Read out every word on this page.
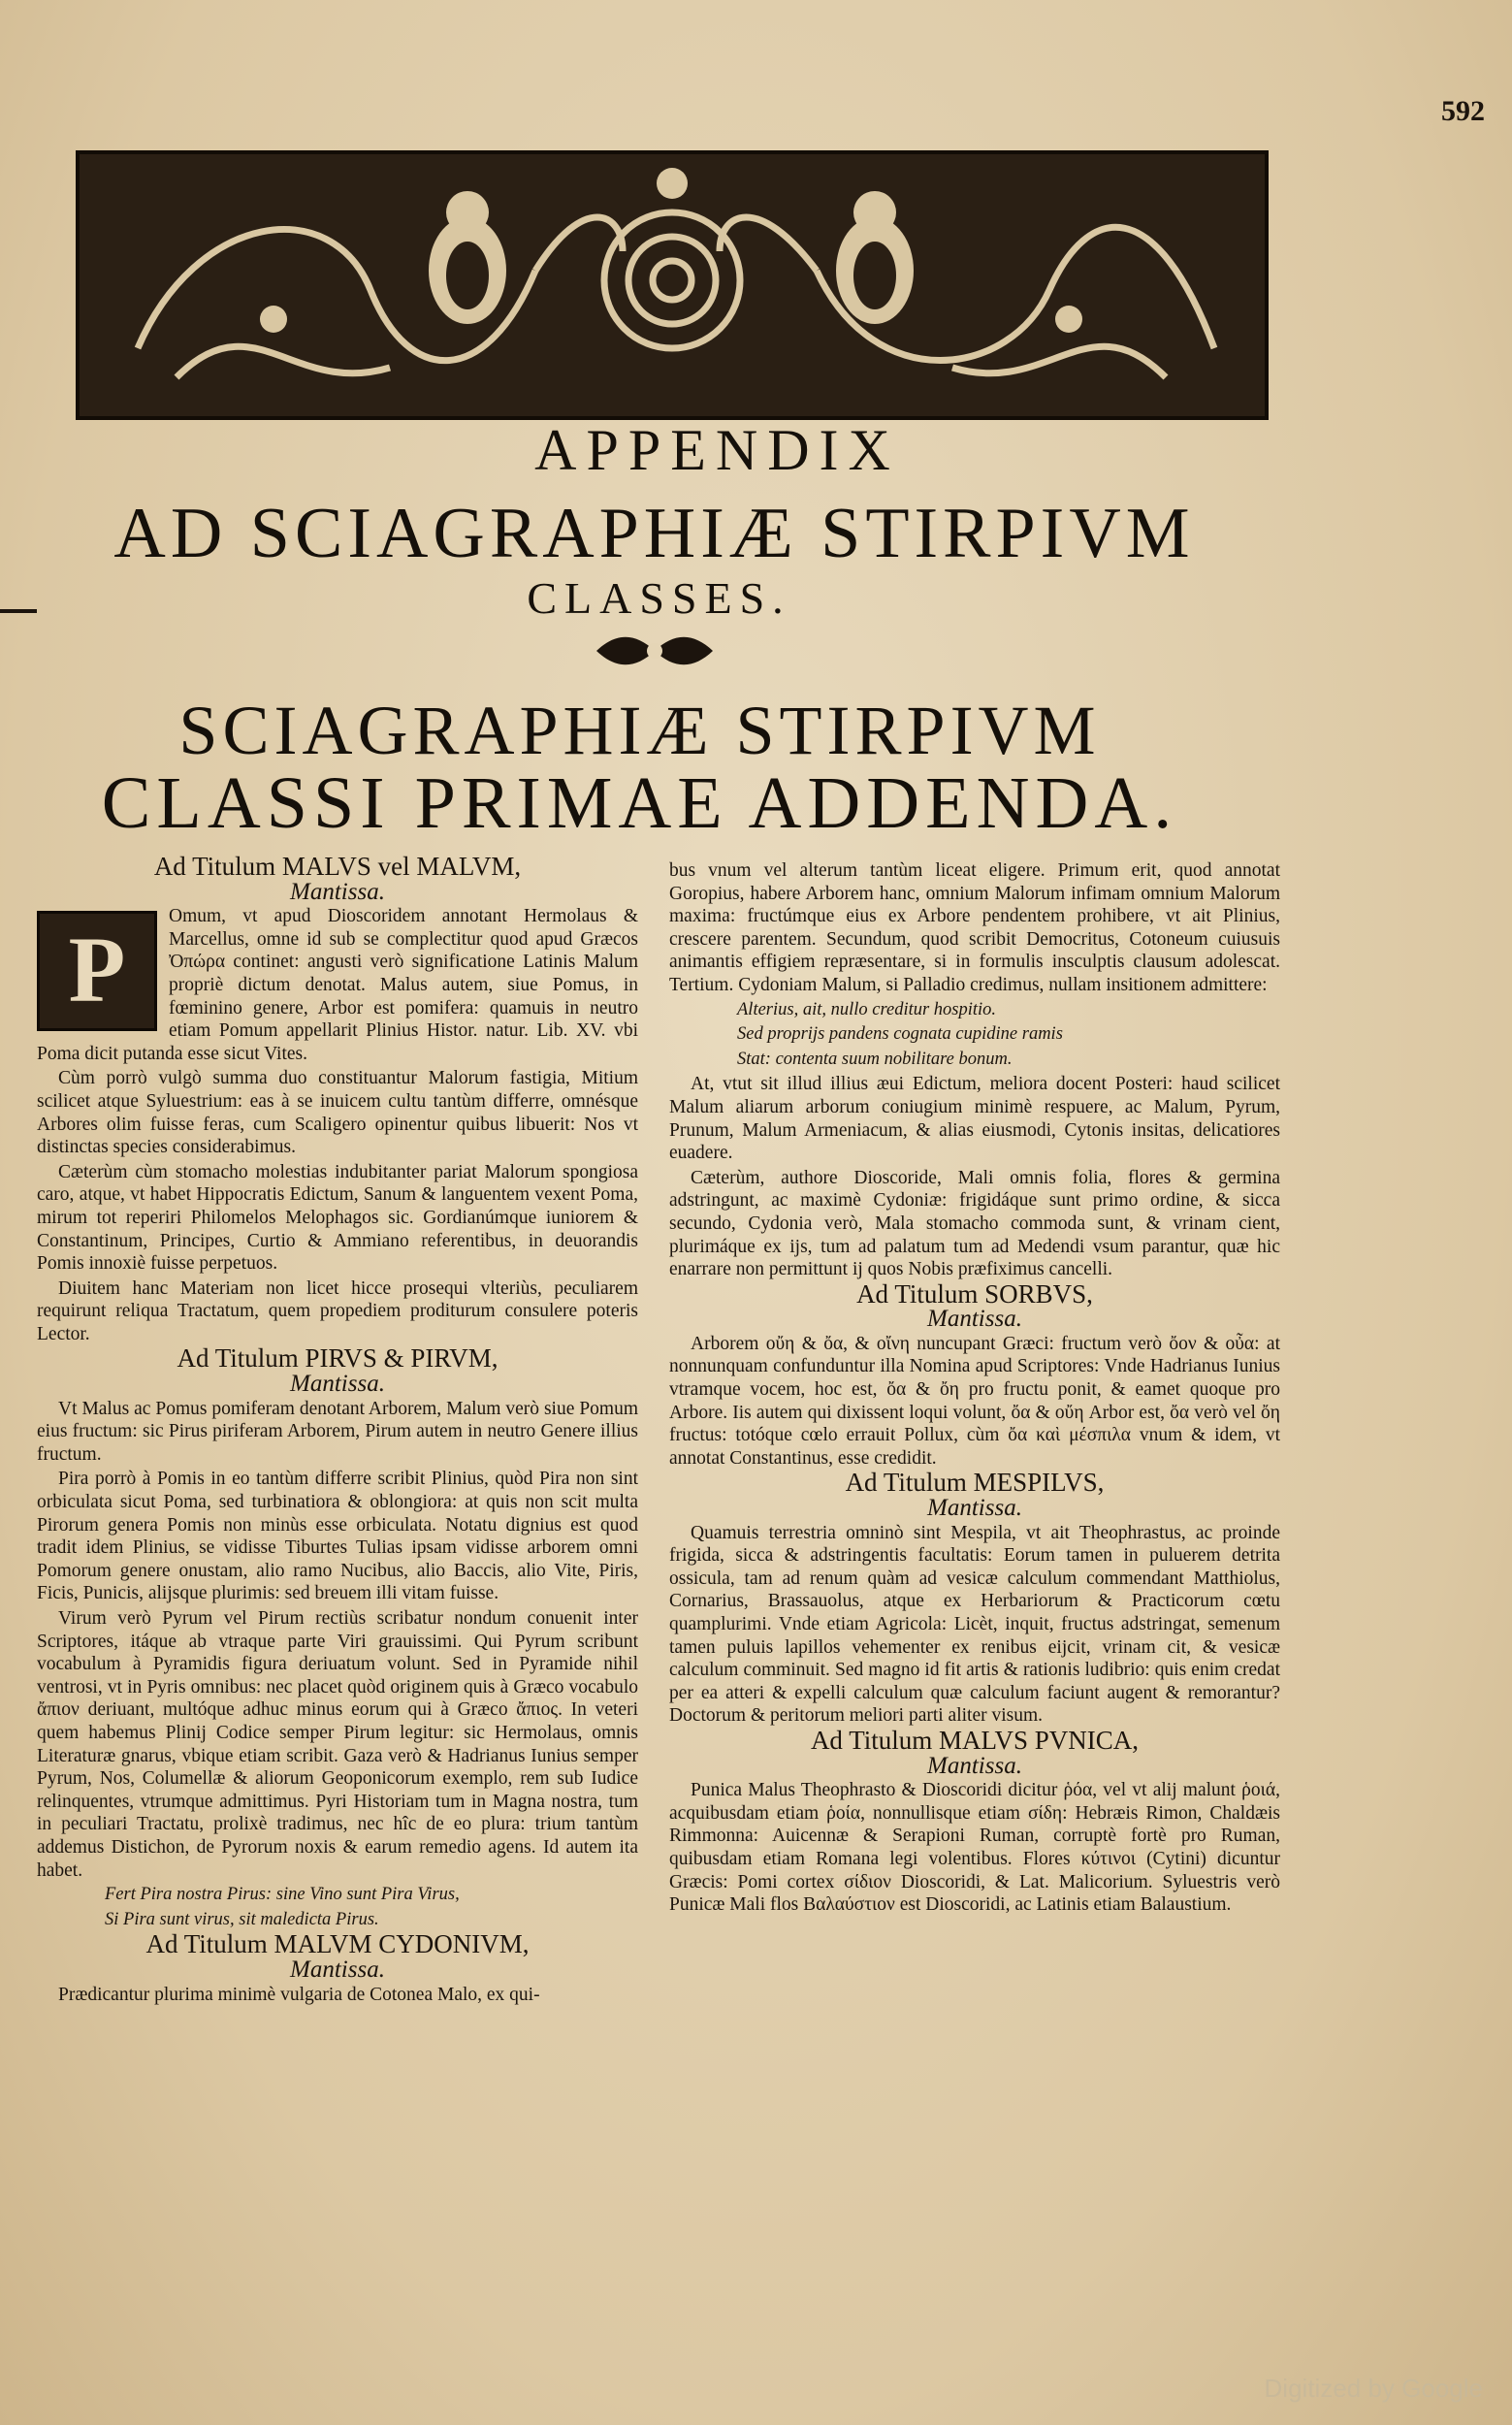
592
APPENDIX
AD SCIAGRAPHIÆ STIRPIVM
CLASSES.
SCIAGRAPHIÆ STIRPIVM
CLASSI PRIMAE ADDENDA.

Ad Titulum MALVS vel MALVM,

Mantissa.

P
Omum, vt apud Dioscoridem annotant Hermolaus & Marcellus, omne id sub se complectitur quod apud Græcos Ὀπώρα continet: angusti verò significatione Latinis Malum propriè dictum denotat. Malus autem, siue Pomus, in fœminino genere, Arbor est pomifera: quamuis in neutro etiam Pomum appellarit Plinius Histor. natur. Lib. XV. vbi Poma dicit putanda esse sicut Vites.

Cùm porrò vulgò summa duo constituantur Malorum fastigia, Mitium scilicet atque Syluestrium: eas à se inuicem cultu tantùm differre, omnésque Arbores olim fuisse feras, cum Scaligero opinentur quibus libuerit: Nos vt distinctas species considerabimus.

Cæterùm cùm stomacho molestias indubitanter pariat Malorum spongiosa caro, atque, vt habet Hippocratis Edictum, Sanum & languentem vexent Poma, mirum tot reperiri Philomelos Melophagos sic. Gordianúmque iuniorem & Constantinum, Principes, Curtio & Ammiano referentibus, in deuorandis Pomis innoxiè fuisse perpetuos.

Diuitem hanc Materiam non licet hicce prosequi vlteriùs, peculiarem requirunt reliqua Tractatum, quem propediem proditurum consulere poteris Lector.

Ad Titulum PIRVS & PIRVM,

Mantissa.

Vt Malus ac Pomus pomiferam denotant Arborem, Malum verò siue Pomum eius fructum: sic Pirus piriferam Arborem, Pirum autem in neutro Genere illius fructum.

Pira porrò à Pomis in eo tantùm differre scribit Plinius, quòd Pira non sint orbiculata sicut Poma, sed turbinatiora & oblongiora: at quis non scit multa Pirorum genera Pomis non minùs esse orbiculata. Notatu dignius est quod tradit idem Plinius, se vidisse Tiburtes Tulias ipsam vidisse arborem omni Pomorum genere onustam, alio ramo Nucibus, alio Baccis, alio Vite, Piris, Ficis, Punicis, alijsque plurimis: sed breuem illi vitam fuisse.

Virum verò Pyrum vel Pirum rectiùs scribatur nondum conuenit inter Scriptores, itáque ab vtraque parte Viri grauissimi. Qui Pyrum scribunt vocabulum à Pyramidis figura deriuatum volunt. Sed in Pyramide nihil ventrosi, vt in Pyris omnibus: nec placet quòd originem quis à Græco vocabulo ἄπιον deriuant, multóque adhuc minus eorum qui à Græco ἄπιος. In veteri quem habemus Plinij Codice semper Pirum legitur: sic Hermolaus, omnis Literaturæ gnarus, vbique etiam scribit. Gaza verò & Hadrianus Iunius semper Pyrum, Nos, Columellæ & aliorum Geoponicorum exemplo, rem sub Iudice relinquentes, vtrumque admittimus. Pyri Historiam tum in Magna nostra, tum in peculiari Tractatu, prolixè tradimus, nec hîc de eo plura: trium tantùm addemus Distichon, de Pyrorum noxis & earum remedio agens. Id autem ita habet.

Fert Pira nostra Pirus: sine Vino sunt Pira Virus,

Si Pira sunt virus, sit maledicta Pirus.

Ad Titulum MALVM CYDONIVM,

Mantissa.

Prædicantur plurima minimè vulgaria de Cotonea Malo, ex qui-

bus vnum vel alterum tantùm liceat eligere. Primum erit, quod annotat Goropius, habere Arborem hanc, omnium Malorum infimam omnium Malorum maxima: fructúmque eius ex Arbore pendentem prohibere, vt ait Plinius, crescere parentem. Secundum, quod scribit Democritus, Cotoneum cuiusuis animantis effigiem repræsentare, si in formulis insculptis clausum adolescat. Tertium. Cydoniam Malum, si Palladio credimus, nullam insitionem admittere:

Alterius, ait, nullo creditur hospitio.

Sed proprijs pandens cognata cupidine ramis

Stat: contenta suum nobilitare bonum.

At, vtut sit illud illius æui Edictum, meliora docent Posteri: haud scilicet Malum aliarum arborum coniugium minimè respuere, ac Malum, Pyrum, Prunum, Malum Armeniacum, & alias eiusmodi, Cytonis insitas, delicatiores euadere.

Cæterùm, authore Dioscoride, Mali omnis folia, flores & germina adstringunt, ac maximè Cydoniæ: frigidáque sunt primo ordine, & sicca secundo, Cydonia verò, Mala stomacho commoda sunt, & vrinam cient, plurimáque ex ijs, tum ad palatum tum ad Medendi vsum parantur, quæ hic enarrare non permittunt ij quos Nobis præfiximus cancelli.

Ad Titulum SORBVS,

Mantissa.

Arborem οὔη & ὄα, & οἴνη nuncupant Græci: fructum verò ὄον & οὖα: at nonnunquam confunduntur illa Nomina apud Scriptores: Vnde Hadrianus Iunius vtramque vocem, hoc est, ὄα & ὄη pro fructu ponit, & eamet quoque pro Arbore. Iis autem qui dixissent loqui volunt, ὄα & οὔη Arbor est, ὄα verò vel ὄη fructus: totóque cœlo errauit Pollux, cùm ὄα καὶ μέσπιλα vnum & idem, vt annotat Constantinus, esse credidit.

Ad Titulum MESPILVS,

Mantissa.

Quamuis terrestria omninò sint Mespila, vt ait Theophrastus, ac proinde frigida, sicca & adstringentis facultatis: Eorum tamen in puluerem detrita ossicula, tam ad renum quàm ad vesicæ calculum commendant Matthiolus, Cornarius, Brassauolus, atque ex Herbariorum & Practicorum cœtu quamplurimi. Vnde etiam Agricola: Licèt, inquit, fructus adstringat, semenum tamen puluis lapillos vehementer ex renibus eijcit, vrinam cit, & vesicæ calculum comminuit. Sed magno id fit artis & rationis ludibrio: quis enim credat per ea atteri & expelli calculum quæ calculum faciunt augent & remorantur? Doctorum & peritorum meliori parti aliter visum.

Ad Titulum MALVS PVNICA,

Mantissa.

Punica Malus Theophrasto & Dioscoridi dicitur ῥόα, vel vt alij malunt ῥοιά, acquibusdam etiam ῥοία, nonnullisque etiam σίδη: Hebræis Rimon, Chaldæis Rimmonna: Auicennæ & Serapioni Ruman, corruptè fortè pro Ruman, quibusdam etiam Romana legi volentibus. Flores κύτινοι (Cytini) dicuntur Græcis: Pomi cortex σίδιον Dioscoridi, & Lat. Malicorium. Syluestris verò Punicæ Mali flos Βαλαύστιον est Dioscoridi, ac Latinis etiam Balaustium.

Digitized by Google
